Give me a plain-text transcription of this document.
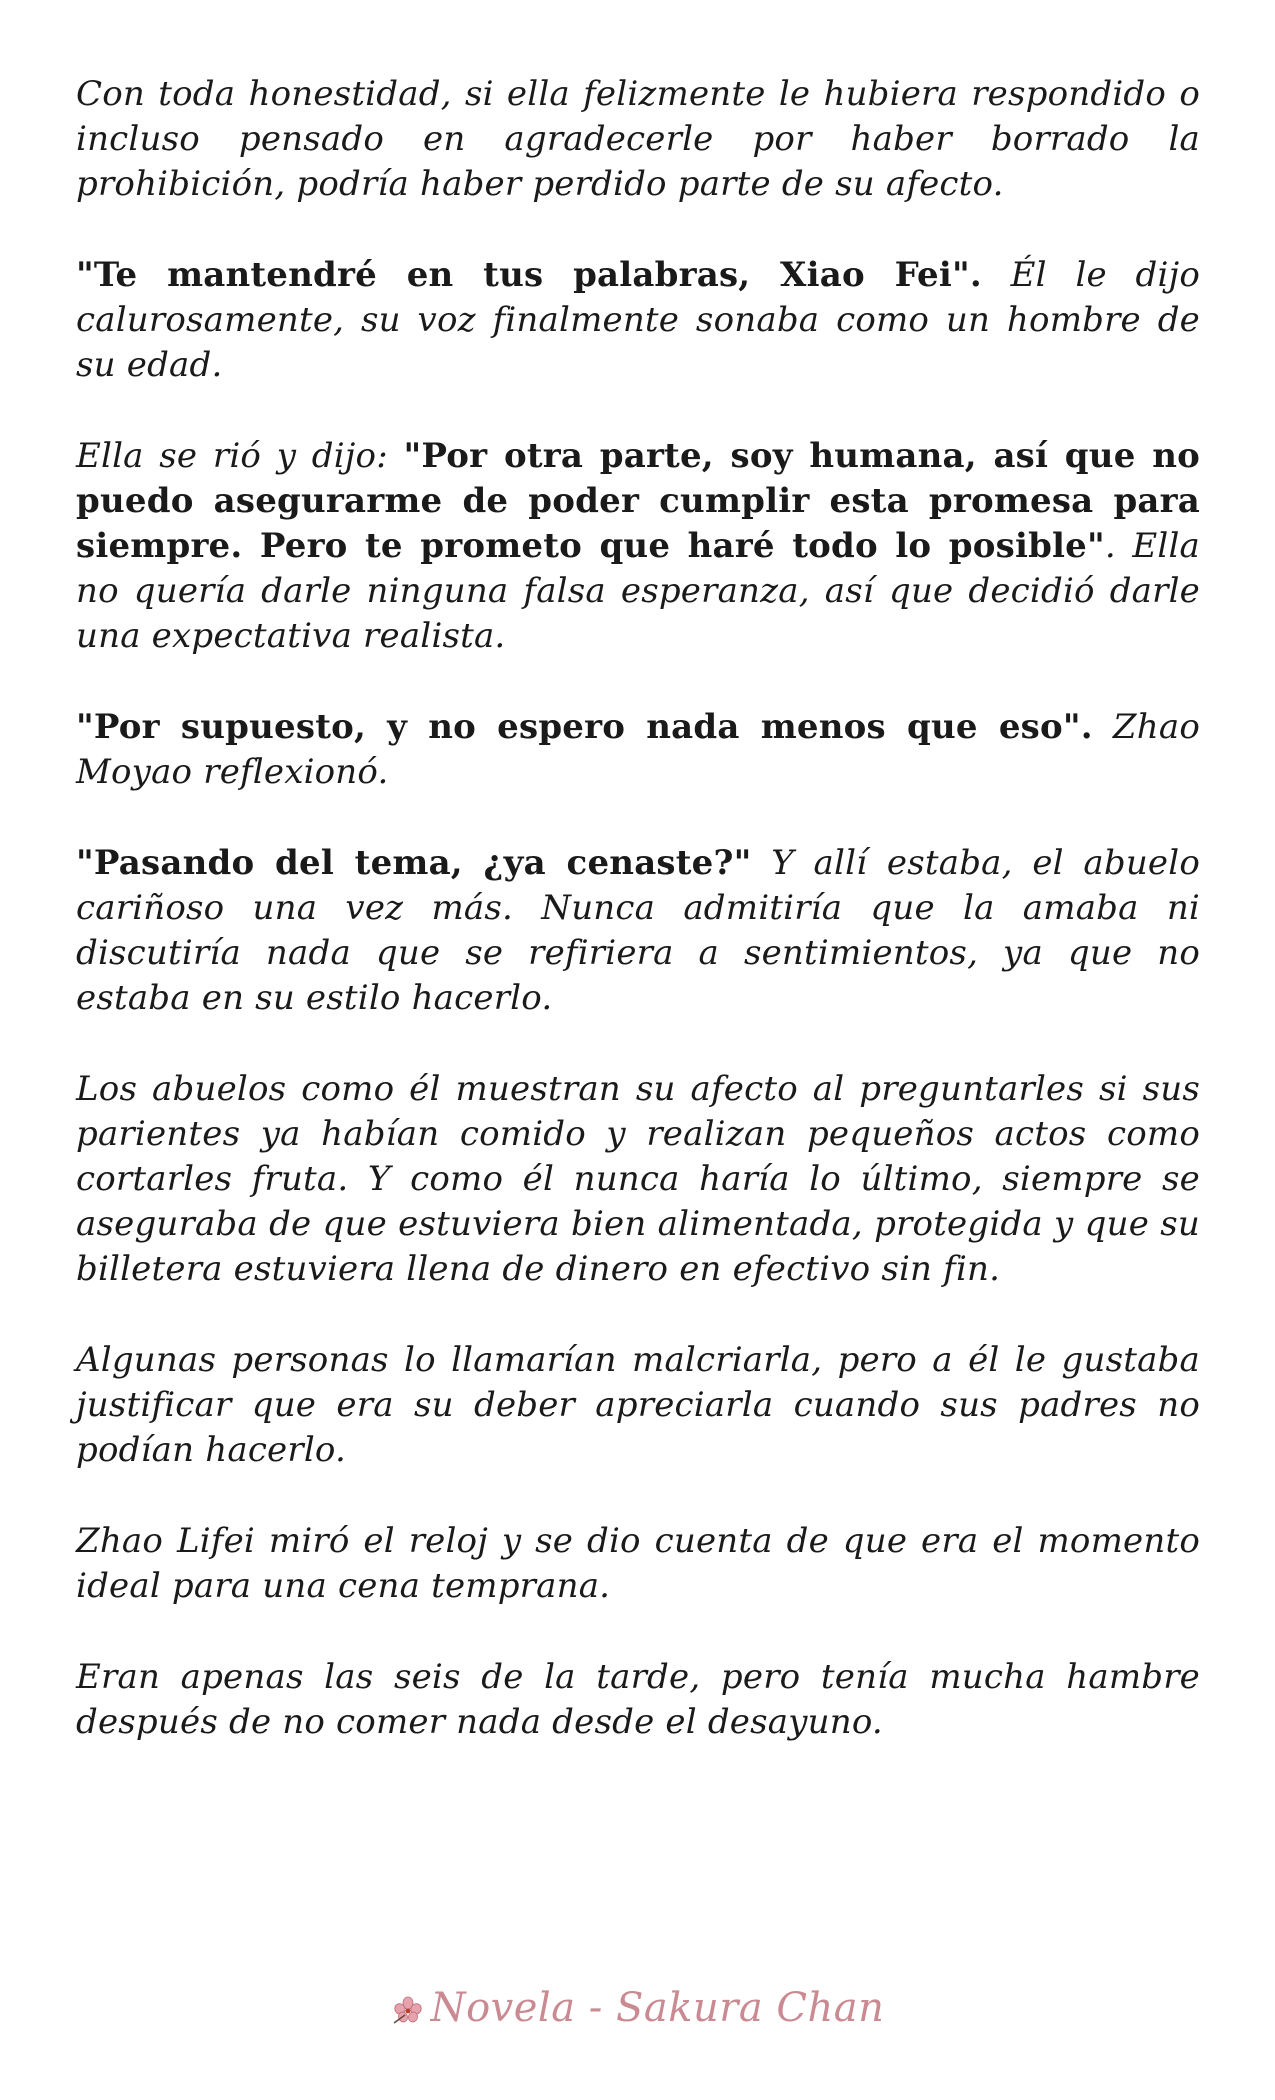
Con toda honestidad, si ella felizmente le hubiera respondido o incluso pensado en agradecerle por haber borrado la prohibición, podría haber perdido parte de su afecto.

"Te mantendré en tus palabras, Xiao Fei". Él le dijo calurosamente, su voz finalmente sonaba como un hombre de su edad.

Ella se rió y dijo: "Por otra parte, soy humana, así que no puedo asegurarme de poder cumplir esta promesa para siempre. Pero te prometo que haré todo lo posible". Ella no quería darle ninguna falsa esperanza, así que decidió darle una expectativa realista.

"Por supuesto, y no espero nada menos que eso". Zhao Moyao reflexionó.

"Pasando del tema, ¿ya cenaste?" Y allí estaba, el abuelo cariñoso una vez más. Nunca admitiría que la amaba ni discutiría nada que se refiriera a sentimientos, ya que no estaba en su estilo hacerlo.

Los abuelos como él muestran su afecto al preguntarles si sus parientes ya habían comido y realizan pequeños actos como cortarles fruta. Y como él nunca haría lo último, siempre se aseguraba de que estuviera bien alimentada, protegida y que su billetera estuviera llena de dinero en efectivo sin fin.

Algunas personas lo llamarían malcriarla, pero a él le gustaba justificar que era su deber apreciarla cuando sus padres no podían hacerlo.

Zhao Lifei miró el reloj y se dio cuenta de que era el momento ideal para una cena temprana.

Eran apenas las seis de la tarde, pero tenía mucha hambre después de no comer nada desde el desayuno.

Novela - Sakura Chan
